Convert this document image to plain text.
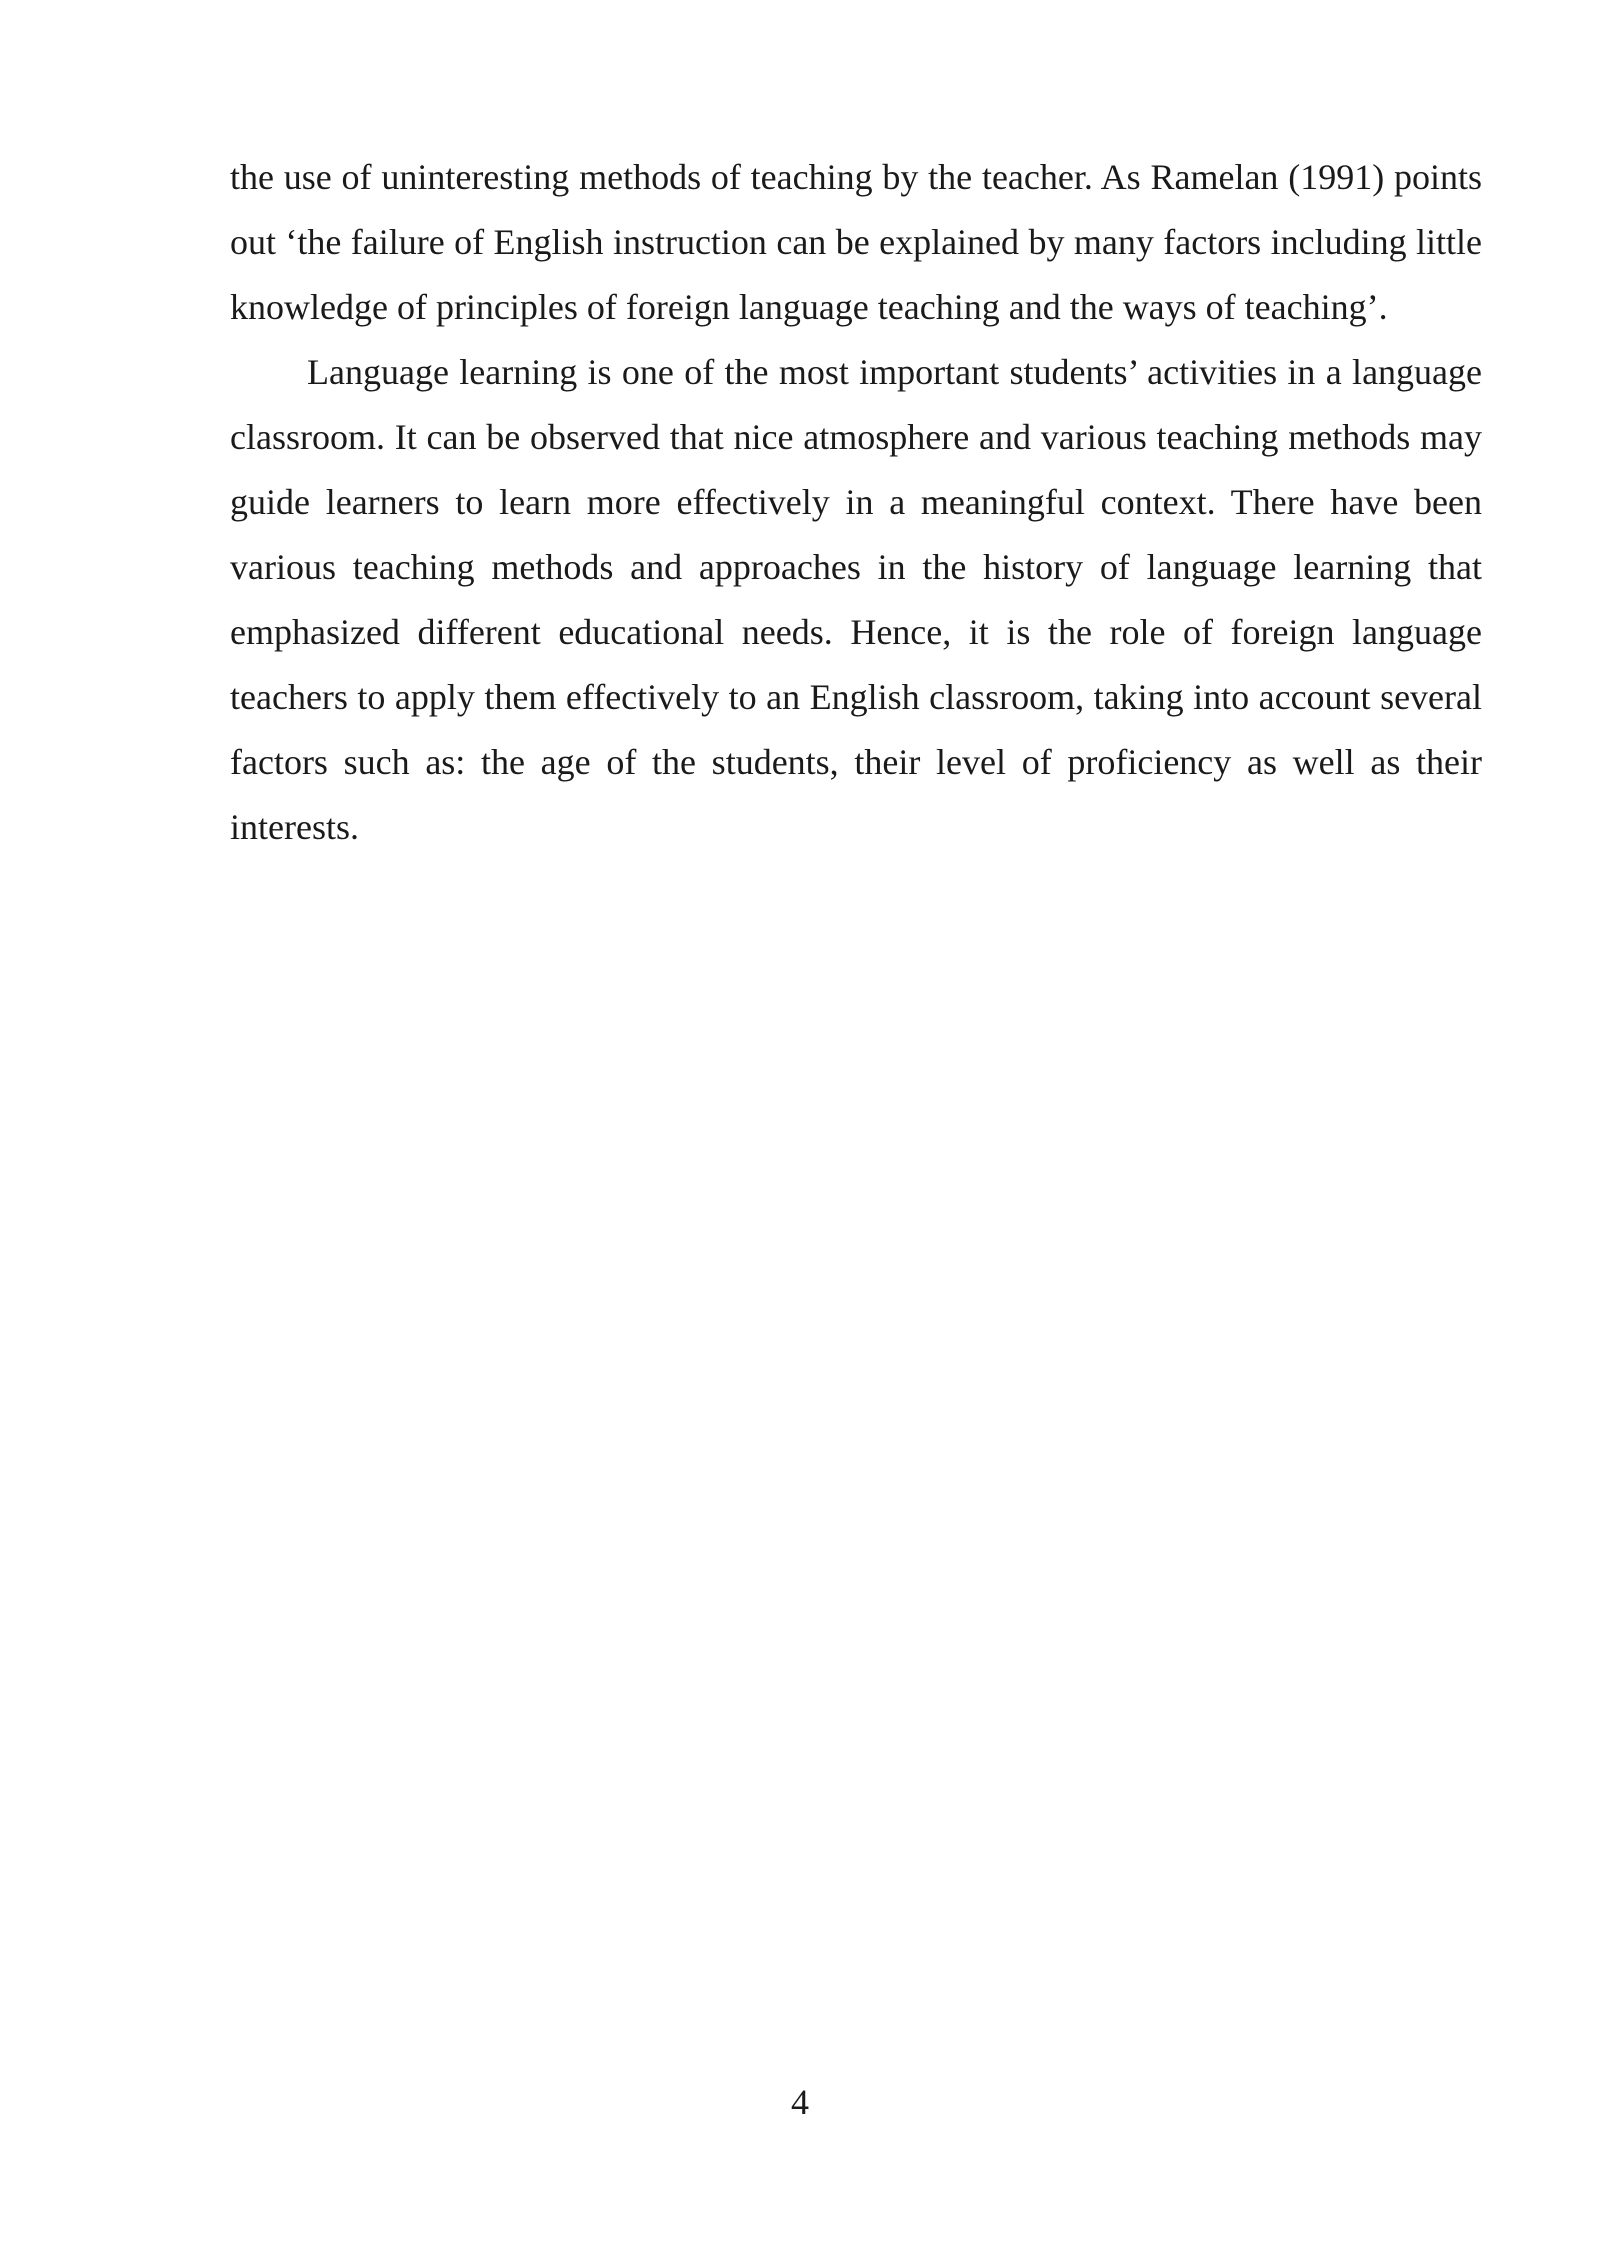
the use of uninteresting methods of teaching by the teacher. As Ramelan (1991) points out ‘the failure of English instruction can be explained by many factors including little knowledge of principles of foreign language teaching and the ways of teaching’.

Language learning is one of the most important students’ activities in a language classroom. It can be observed that nice atmosphere and various teaching methods may guide learners to learn more effectively in a meaningful context. There have been various teaching methods and approaches in the history of language learning that emphasized different educational needs. Hence, it is the role of foreign language teachers to apply them effectively to an English classroom, taking into account several factors such as: the age of the students, their level of proficiency as well as their interests.

4
